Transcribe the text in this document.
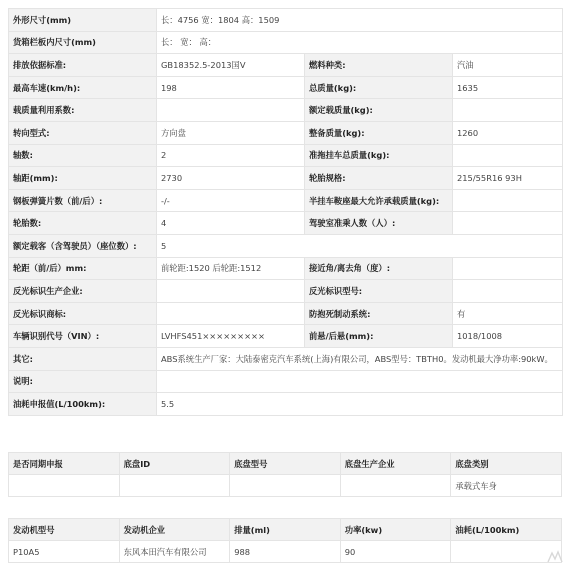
外形尺寸(mm)	长：4756 宽：1804 高：1509		
货箱栏板内尺寸(mm)	长： 宽： 高：		
排放依据标准:	GB18352.5-2013国Ⅴ	燃料种类:	汽油
最高车速(km/h):	198	总质量(kg):	1635
载质量利用系数:		额定载质量(kg):	
转向型式:	方向盘	整备质量(kg):	1260
轴数:	2	准拖挂车总质量(kg):	
轴距(mm):	2730	轮胎规格:	215/55R16 93H
钢板弹簧片数（前/后）:	-/-	半挂车鞍座最大允许承载质量(kg):	
轮胎数:	4	驾驶室准乘人数（人）:	
额定载客（含驾驶员）（座位数）:	5		
轮距（前/后）mm:	前轮距:1520 后轮距:1512	接近角/离去角（度）:	
反光标识生产企业:		反光标识型号:	
反光标识商标:		防抱死制动系统:	有
车辆识别代号（VIN）:	LVHFS451×××××××××	前悬/后悬(mm):	1018/1008
其它:	ABS系统生产厂家：大陆泰密克汽车系统(上海)有限公司，ABS型号：TBTH0。发动机最大净功率:90kW。		
说明:			
油耗申报值(L/100km):	5.5		
是否同期申报	底盘ID	底盘型号	底盘生产企业	底盘类别
				承载式车身
发动机型号	发动机企业	排量(ml)	功率(kw)	油耗(L/100km)
P10A5	东风本田汽车有限公司	988	90	
